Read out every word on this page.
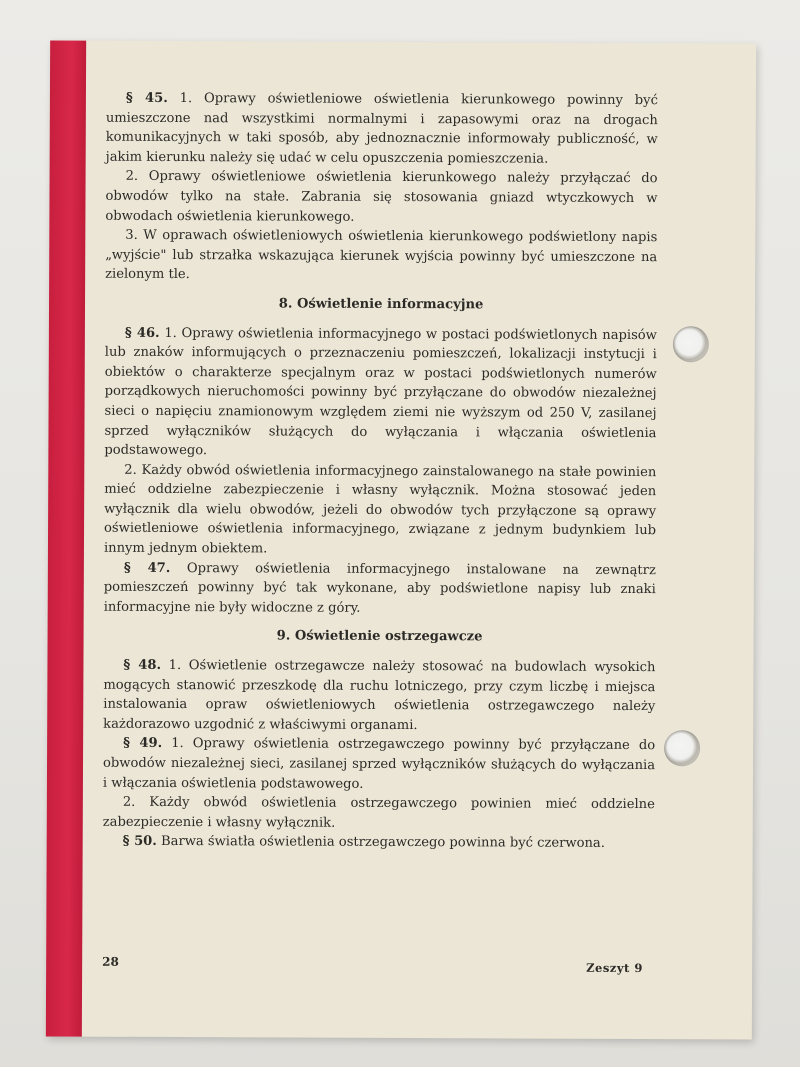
§ 45. 1. Oprawy oświetleniowe oświetlenia kierunkowego powinny być umieszczone nad wszystkimi normalnymi i zapasowymi oraz na drogach komunikacyjnych w taki sposób, aby jednoznacznie informowały publiczność, w jakim kierunku należy się udać w celu opuszczenia pomieszczenia.

2. Oprawy oświetleniowe oświetlenia kierunkowego należy przyłączać do obwodów tylko na stałe. Zabrania się stosowania gniazd wtyczkowych w obwodach oświetlenia kierunkowego.

3. W oprawach oświetleniowych oświetlenia kierunkowego podświetlony napis „wyjście" lub strzałka wskazująca kierunek wyjścia powinny być umieszczone na zielonym tle.

8. Oświetlenie informacyjne

§ 46. 1. Oprawy oświetlenia informacyjnego w postaci podświetlonych napisów lub znaków informujących o przeznaczeniu pomieszczeń, lokalizacji instytucji i obiektów o charakterze specjalnym oraz w postaci podświetlonych numerów porządkowych nieruchomości powinny być przyłączane do obwodów niezależnej sieci o napięciu znamionowym względem ziemi nie wyższym od 250 V, zasilanej sprzed wyłączników służących do wyłączania i włączania oświetlenia podstawowego.

2. Każdy obwód oświetlenia informacyjnego zainstalowanego na stałe powinien mieć oddzielne zabezpieczenie i własny wyłącznik. Można stosować jeden wyłącznik dla wielu obwodów, jeżeli do obwodów tych przyłączone są oprawy oświetleniowe oświetlenia informacyjnego, związane z jednym budynkiem lub innym jednym obiektem.

§ 47. Oprawy oświetlenia informacyjnego instalowane na zewnątrz pomieszczeń powinny być tak wykonane, aby podświetlone napisy lub znaki informacyjne nie były widoczne z góry.

9. Oświetlenie ostrzegawcze

§ 48. 1. Oświetlenie ostrzegawcze należy stosować na budowlach wysokich mogących stanowić przeszkodę dla ruchu lotniczego, przy czym liczbę i miejsca instalowania opraw oświetleniowych oświetlenia ostrzegawczego należy każdorazowo uzgodnić z właściwymi organami.

§ 49. 1. Oprawy oświetlenia ostrzegawczego powinny być przyłączane do obwodów niezależnej sieci, zasilanej sprzed wyłączników służących do wyłączania i włączania oświetlenia podstawowego.

2. Każdy obwód oświetlenia ostrzegawczego powinien mieć oddzielne zabezpieczenie i własny wyłącznik.

§ 50. Barwa światła oświetlenia ostrzegawczego powinna być czerwona.

28	Zeszyt 9
